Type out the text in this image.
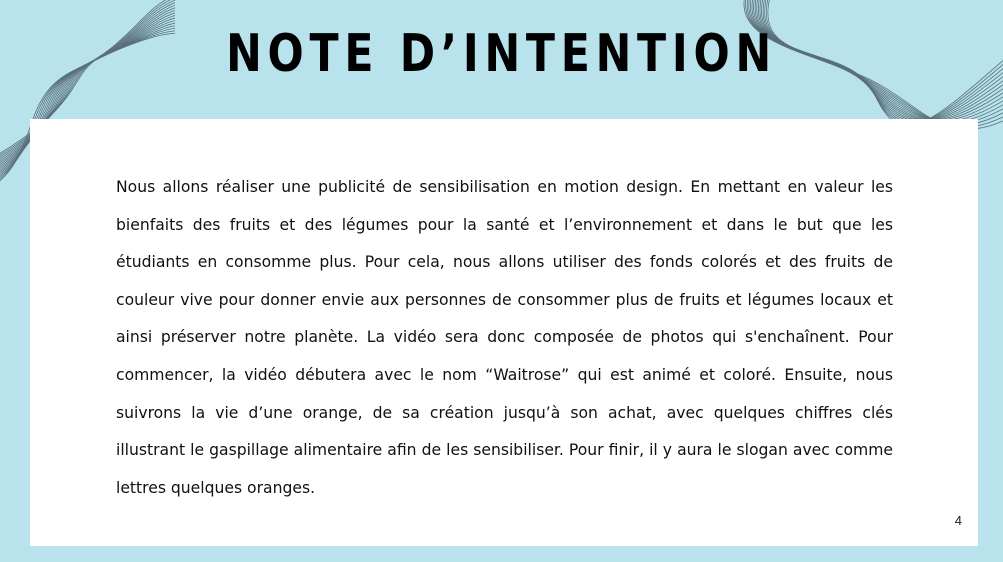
NOTE D’INTENTION

Nous allons réaliser une publicité de sensibilisation en motion design. En mettant en valeur les bienfaits des fruits et des légumes pour la santé et l’environnement et dans le but que les étudiants en consomme plus. Pour cela, nous allons utiliser des fonds colorés et des fruits de couleur vive pour donner envie aux personnes de consommer plus de fruits et légumes locaux et ainsi préserver notre planète. La vidéo sera donc composée de photos qui s'enchaînent. Pour commencer, la vidéo débutera avec le nom “Waitrose” qui est animé et coloré. Ensuite, nous suivrons la vie d’une orange, de sa création jusqu’à son achat, avec quelques chiffres clés illustrant le gaspillage alimentaire afin de les sensibiliser. Pour finir, il y aura le slogan avec comme lettres quelques oranges.

4
